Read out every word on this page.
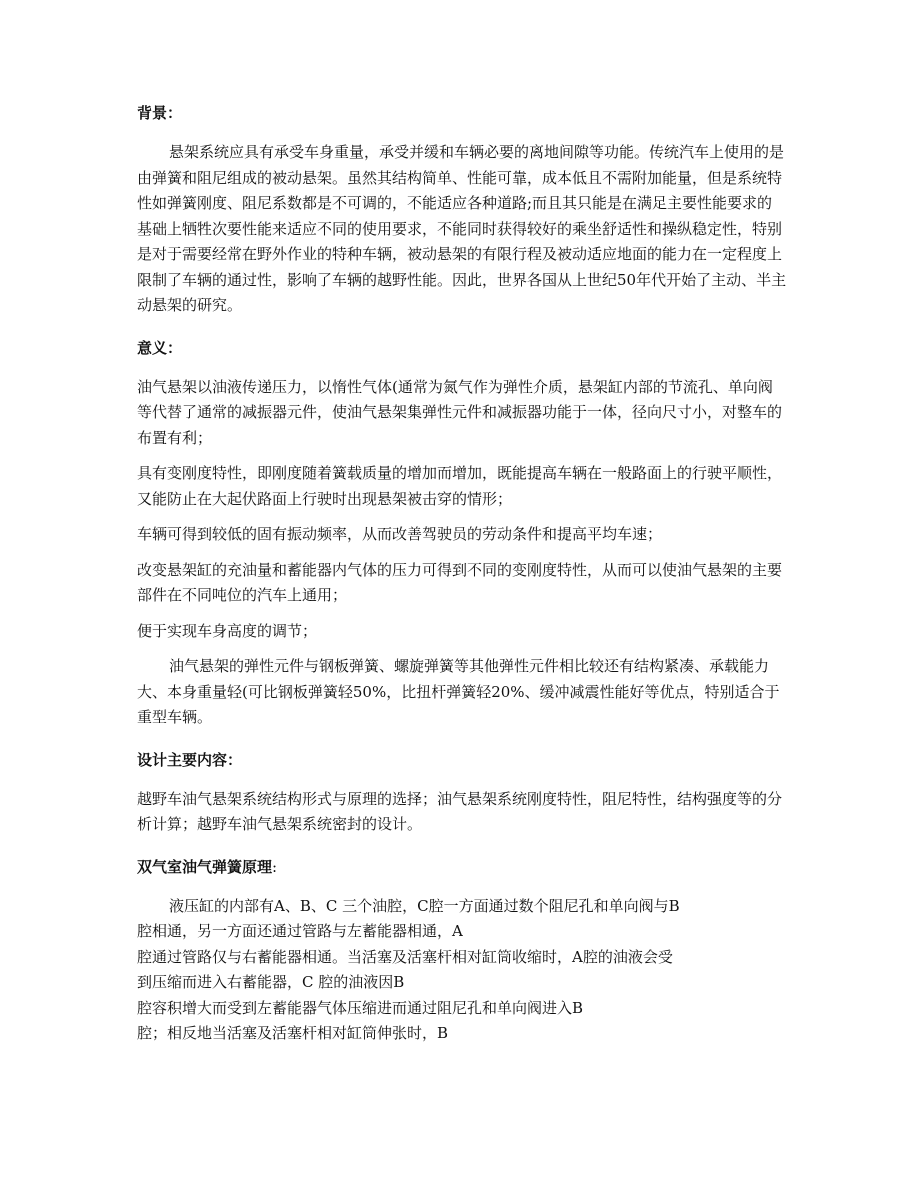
背景：

悬架系统应具有承受车身重量，承受并缓和车辆必要的离地间隙等功能。传统汽车上使用的是由弹簧和阻尼组成的被动悬架。虽然其结构简单、性能可靠，成本低且不需附加能量，但是系统特性如弹簧刚度、阻尼系数都是不可调的，不能适应各种道路;而且其只能是在满足主要性能要求的基础上牺牲次要性能来适应不同的使用要求，不能同时获得较好的乘坐舒适性和操纵稳定性，特别是对于需要经常在野外作业的特种车辆，被动悬架的有限行程及被动适应地面的能力在一定程度上限制了车辆的通过性，影响了车辆的越野性能。因此，世界各国从上世纪50年代开始了主动、半主动悬架的研究。

意义：

油气悬架以油液传递压力，以惰性气体(通常为氮气作为弹性介质，悬架缸内部的节流孔、单向阀等代替了通常的减振器元件，使油气悬架集弹性元件和减振器功能于一体，径向尺寸小，对整车的布置有利；

具有变刚度特性，即刚度随着簧载质量的增加而增加，既能提高车辆在一般路面上的行驶平顺性，又能防止在大起伏路面上行驶时出现悬架被击穿的情形；

车辆可得到较低的固有振动频率，从而改善驾驶员的劳动条件和提高平均车速；

改变悬架缸的充油量和蓄能器内气体的压力可得到不同的变刚度特性，从而可以使油气悬架的主要部件在不同吨位的汽车上通用；

便于实现车身高度的调节；

油气悬架的弹性元件与钢板弹簧、螺旋弹簧等其他弹性元件相比较还有结构紧凑、承载能力大、本身重量轻(可比钢板弹簧轻50%，比扭杆弹簧轻20%、缓冲减震性能好等优点，特别适合于重型车辆。

设计主要内容：

越野车油气悬架系统结构形式与原理的选择；油气悬架系统刚度特性，阻尼特性，结构强度等的分析计算；越野车油气悬架系统密封的设计。

双气室油气弹簧原理:
液压缸的内部有A、B、C 三个油腔，C腔一方面通过数个阻尼孔和单向阀与B
腔相通，另一方面还通过管路与左蓄能器相通，A
腔通过管路仅与右蓄能器相通。当活塞及活塞杆相对缸筒收缩时，A腔的油液会受
到压缩而进入右蓄能器，C 腔的油液因B
腔容积增大而受到左蓄能器气体压缩进而通过阻尼孔和单向阀进入B
腔；相反地当活塞及活塞杆相对缸筒伸张时，B
